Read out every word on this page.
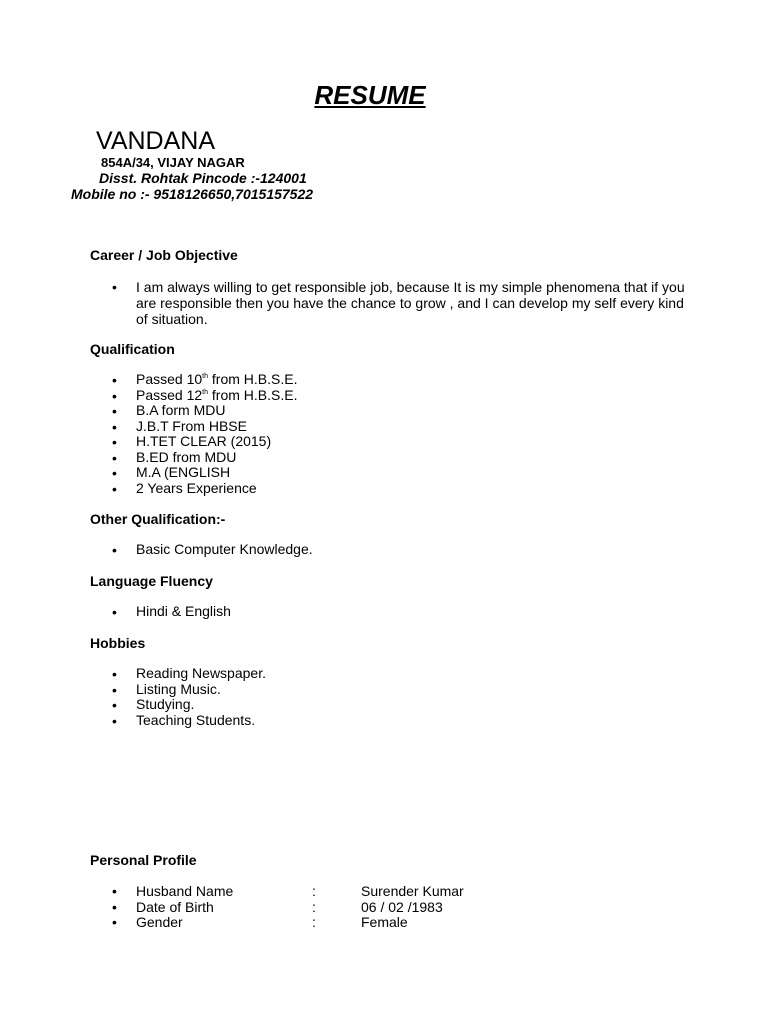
RESUME
VANDANA
854A/34, VIJAY NAGAR
Disst. Rohtak Pincode :-124001
Mobile no :- 9518126650,7015157522
Career / Job Objective
• I am always willing to get responsible job, because It is my simple phenomena that if you are responsible then you have the chance to grow , and I can develop my self every kind of situation.
Qualification
• Passed 10th from H.B.S.E.
• Passed 12th from H.B.S.E.
• B.A form MDU
• J.B.T From HBSE
• H.TET CLEAR (2015)
• B.ED from MDU
• M.A (ENGLISH
• 2 Years Experience
Other Qualification:-
• Basic Computer Knowledge.
Language Fluency
• Hindi & English
Hobbies
• Reading Newspaper.
• Listing Music.
• Studying.
• Teaching Students.
Personal Profile
• Husband Name	:	Surender Kumar
• Date of Birth	:	06 / 02 /1983
• Gender	:	Female
